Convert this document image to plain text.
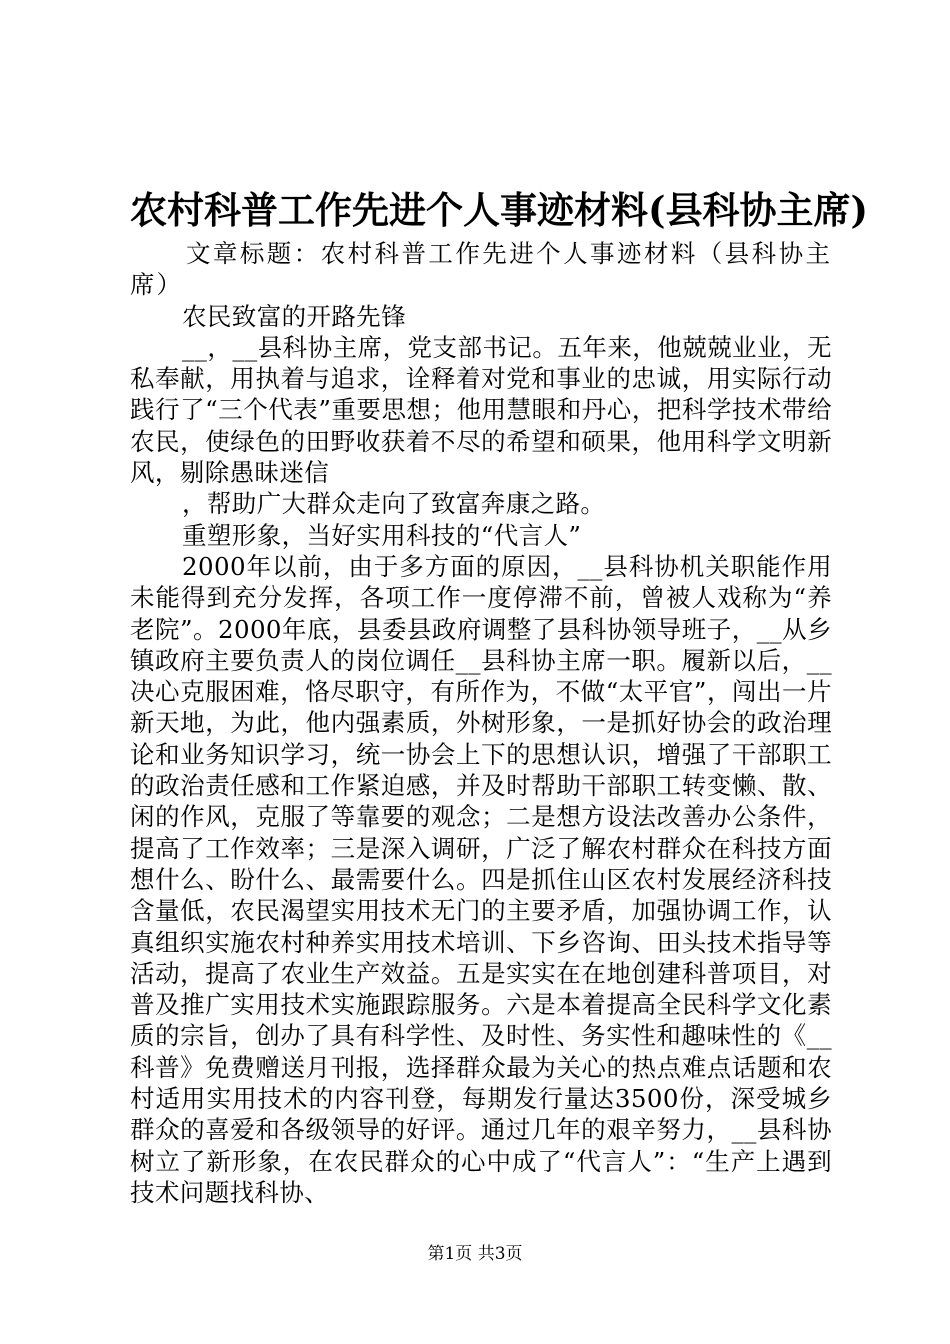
农村科普工作先进个人事迹材料(县科协主席)

文章标题：农村科普工作先进个人事迹材料（县科协主席）

农民致富的开路先锋

__，__县科协主席，党支部书记。五年来，他兢兢业业，无私奉献，用执着与追求，诠释着对党和事业的忠诚，用实际行动践行了“三个代表”重要思想；他用慧眼和丹心，把科学技术带给农民，使绿色的田野收获着不尽的希望和硕果，他用科学文明新风，剔除愚昧迷信

，帮助广大群众走向了致富奔康之路。

重塑形象，当好实用科技的“代言人”

2000年以前，由于多方面的原因，__县科协机关职能作用未能得到充分发挥，各项工作一度停滞不前，曾被人戏称为“养老院”。2000年底，县委县政府调整了县科协领导班子，__从乡镇政府主要负责人的岗位调任__县科协主席一职。履新以后，__决心克服困难，恪尽职守，有所作为，不做“太平官”，闯出一片新天地，为此，他内强素质，外树形象，一是抓好协会的政治理论和业务知识学习，统一协会上下的思想认识，增强了干部职工的政治责任感和工作紧迫感，并及时帮助干部职工转变懒、散、闲的作风，克服了等靠要的观念；二是想方设法改善办公条件，提高了工作效率；三是深入调研，广泛了解农村群众在科技方面想什么、盼什么、最需要什么。四是抓住山区农村发展经济科技含量低，农民渴望实用技术无门的主要矛盾，加强协调工作，认真组织实施农村种养实用技术培训、下乡咨询、田头技术指导等活动，提高了农业生产效益。五是实实在在地创建科普项目，对普及推广实用技术实施跟踪服务。六是本着提高全民科学文化素质的宗旨，创办了具有科学性、及时性、务实性和趣味性的《__科普》免费赠送月刊报，选择群众最为关心的热点难点话题和农村适用实用技术的内容刊登，每期发行量达3500份，深受城乡群众的喜爱和各级领导的好评。通过几年的艰辛努力，__县科协树立了新形象，在农民群众的心中成了“代言人”：“生产上遇到技术问题找科协、

第1页 共3页
